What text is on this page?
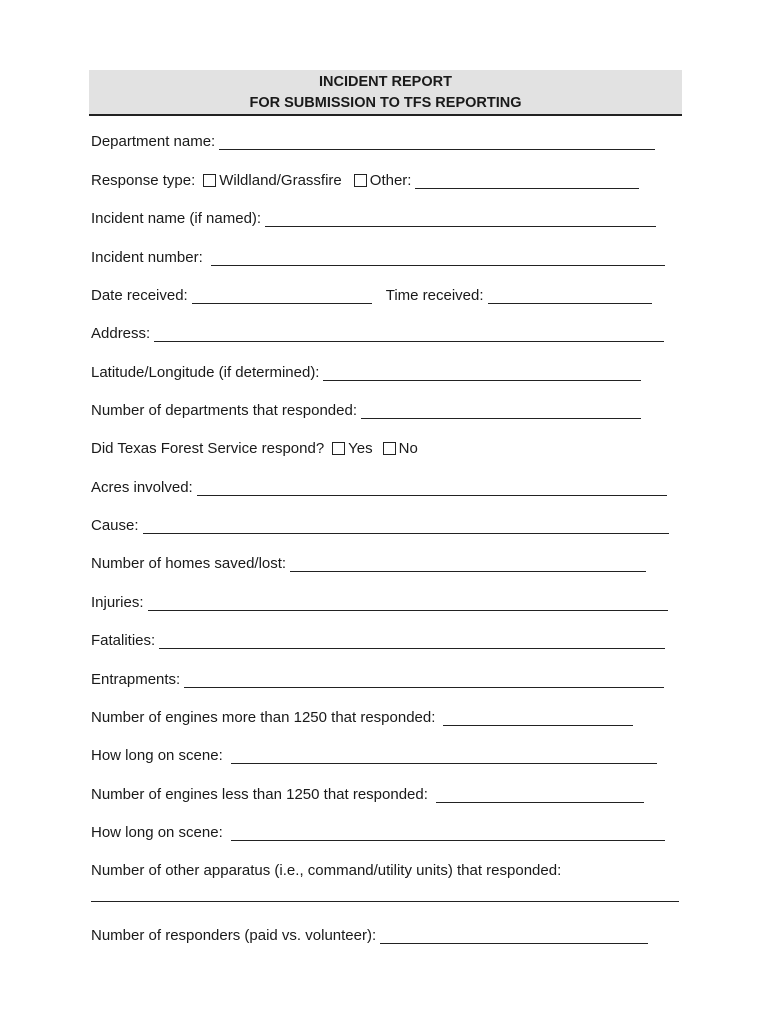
INCIDENT REPORT
FOR SUBMISSION TO TFS REPORTING
Department name:
Response type: Wildland/Grassfire Other:
Incident name (if named):
Incident number:
Date received:	Time received:
Address:
Latitude/Longitude (if determined):
Number of departments that responded:
Did Texas Forest Service respond? Yes No
Acres involved:
Cause:
Number of homes saved/lost:
Injuries:
Fatalities:
Entrapments:
Number of engines more than 1250 that responded:
How long on scene:
Number of engines less than 1250 that responded:
How long on scene:
Number of other apparatus (i.e., command/utility units) that responded:
Number of responders (paid vs. volunteer):
